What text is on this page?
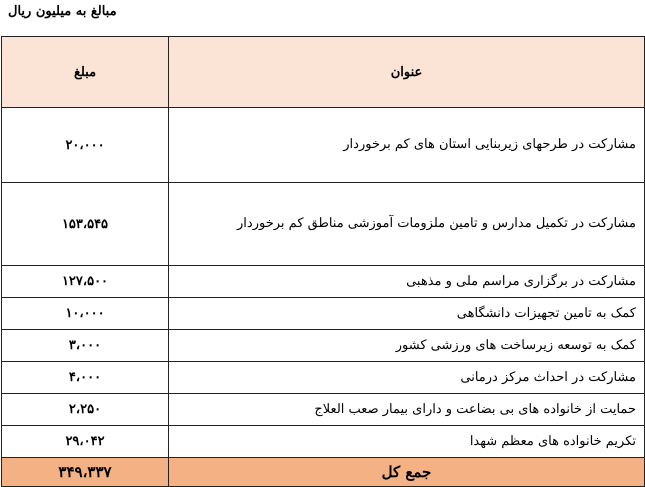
مبالغ به میلیون ریال
عنوان	مبلغ
مشارکت در طرحهای زیربنایی استان های کم برخوردار	۲۰،۰۰۰
مشارکت در تکمیل مدارس و تامین ملزومات آموزشی مناطق کم برخوردار	۱۵۳،۵۴۵
مشارکت در برگزاری مراسم ملی و مذهبی	۱۲۷،۵۰۰
کمک به تامین تجهیزات دانشگاهی	۱۰،۰۰۰
کمک به توسعه زیرساخت های ورزشی کشور	۳،۰۰۰
مشارکت در احداث مرکز درمانی	۴،۰۰۰
حمایت از خانواده های بی بضاعت و دارای بیمار صعب العلاج	۲،۲۵۰
تکریم خانواده های معظم شهدا	۲۹،۰۴۲
جمع کل	۳۴۹،۳۳۷
